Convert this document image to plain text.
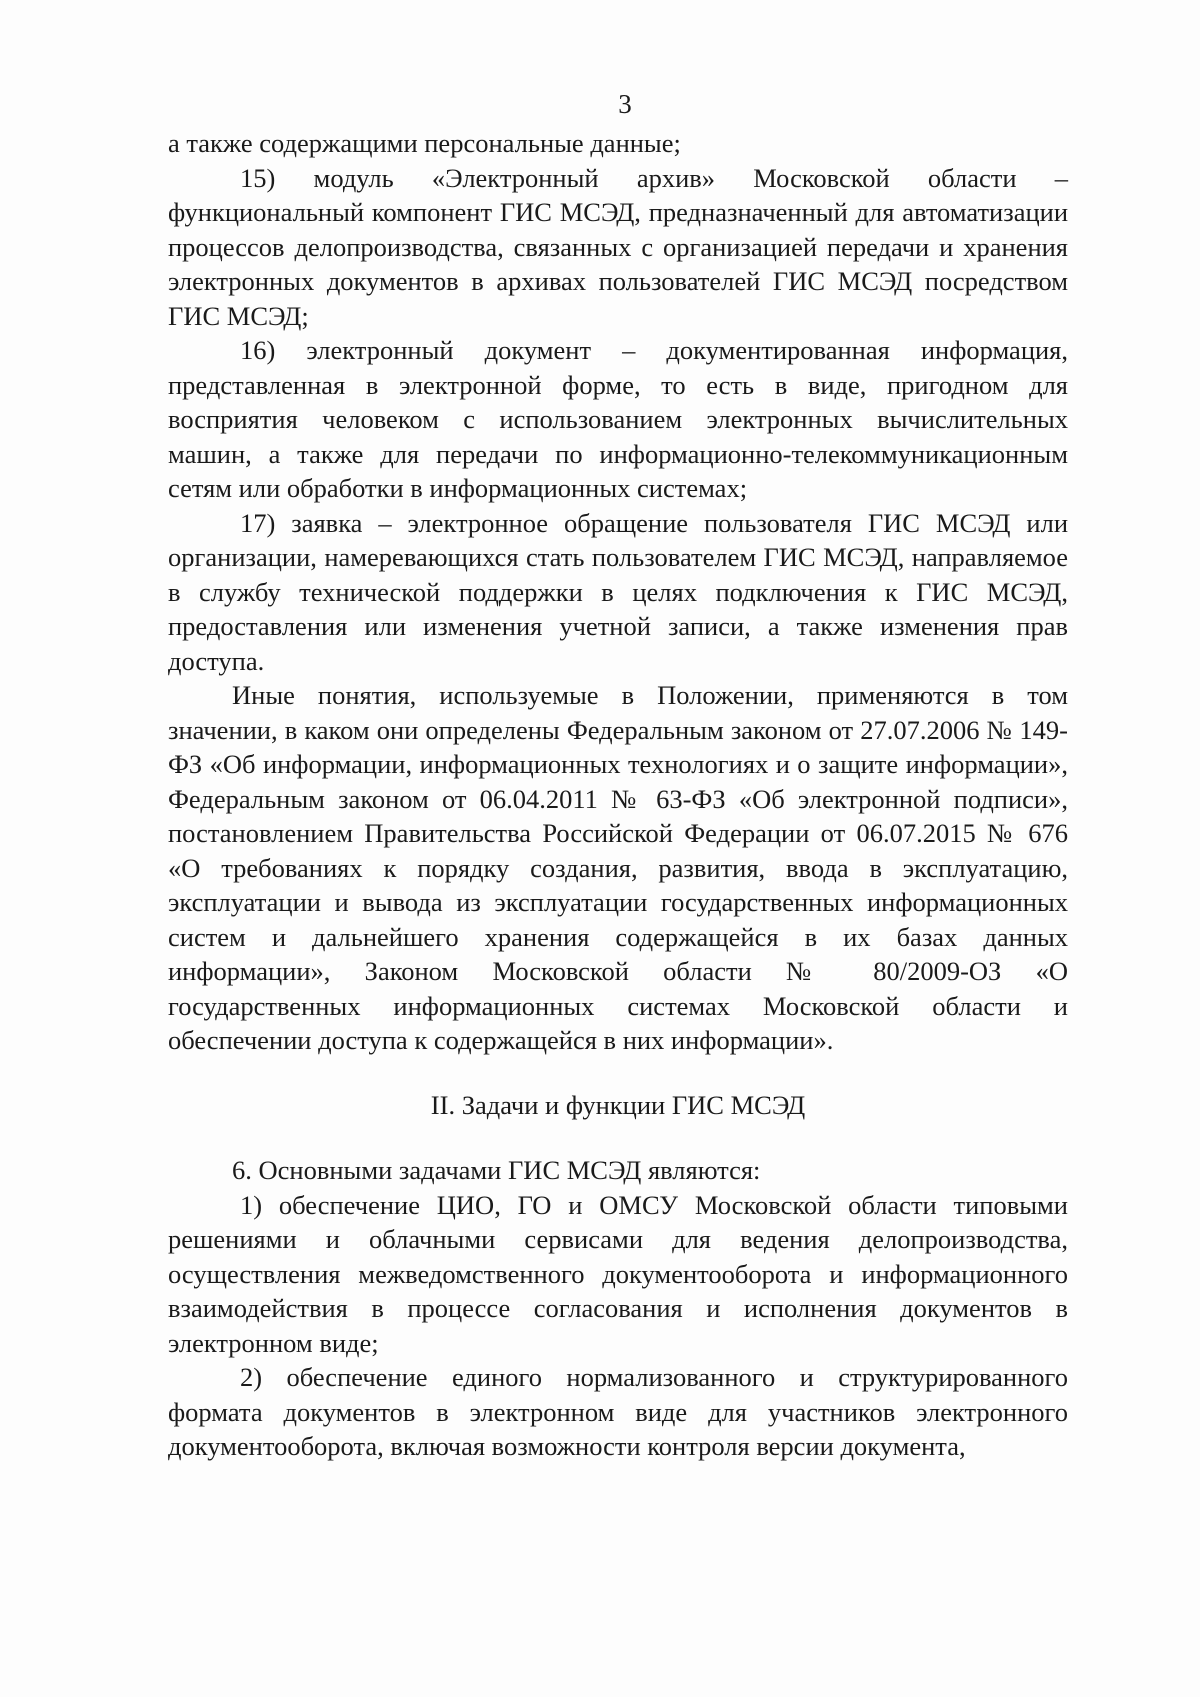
3

а также содержащими персональные данные;

15) модуль «Электронный архив» Московской области – функциональный компонент ГИС МСЭД, предназначенный для автоматизации процессов делопроизводства, связанных с организацией передачи и хранения электронных документов в архивах пользователей ГИС МСЭД посредством ГИС МСЭД;

16) электронный документ – документированная информация, представленная в электронной форме, то есть в виде, пригодном для восприятия человеком с использованием электронных вычислительных машин, а также для передачи по информационно-телекоммуникационным сетям или обработки в информационных системах;

17) заявка – электронное обращение пользователя ГИС МСЭД или организации, намеревающихся стать пользователем ГИС МСЭД, направляемое в службу технической поддержки в целях подключения к ГИС МСЭД, предоставления или изменения учетной записи, а также изменения прав доступа.

Иные понятия, используемые в Положении, применяются в том значении, в каком они определены Федеральным законом от 27.07.2006 № 149-ФЗ «Об информации, информационных технологиях и о защите информации», Федеральным законом от 06.04.2011 № 63-ФЗ «Об электронной подписи», постановлением Правительства Российской Федерации от 06.07.2015 № 676 «О требованиях к порядку создания, развития, ввода в эксплуатацию, эксплуатации и вывода из эксплуатации государственных информационных систем и дальнейшего хранения содержащейся в их базах данных информации», Законом Московской области № 80/2009-ОЗ «О государственных информационных системах Московской области и обеспечении доступа к содержащейся в них информации».

II. Задачи и функции ГИС МСЭД

6. Основными задачами ГИС МСЭД являются:

1) обеспечение ЦИО, ГО и ОМСУ Московской области типовыми решениями и облачными сервисами для ведения делопроизводства, осуществления межведомственного документооборота и информационного взаимодействия в процессе согласования и исполнения документов в электронном виде;

2) обеспечение единого нормализованного и структурированного формата документов в электронном виде для участников электронного документооборота, включая возможности контроля версии документа,
